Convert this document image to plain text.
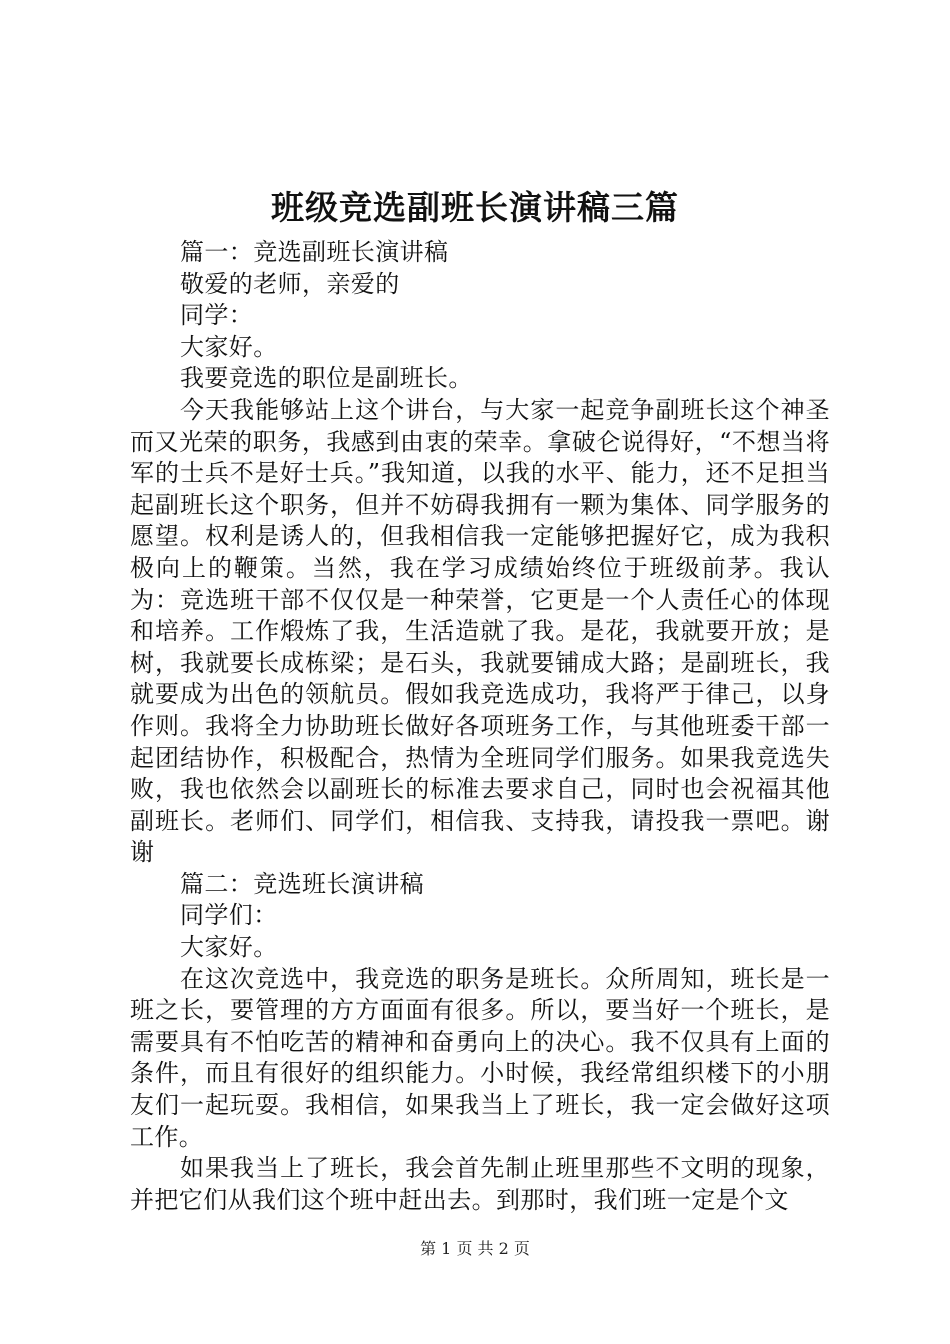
班级竞选副班长演讲稿三篇

篇一：竞选副班长演讲稿

敬爱的老师，亲爱的

同学：

大家好。

我要竞选的职位是副班长。

今天我能够站上这个讲台，与大家一起竞争副班长这个神圣而又光荣的职务，我感到由衷的荣幸。拿破仑说得好，“不想当将军的士兵不是好士兵。”我知道，以我的水平、能力，还不足担当起副班长这个职务，但并不妨碍我拥有一颗为集体、同学服务的愿望。权利是诱人的，但我相信我一定能够把握好它，成为我积极向上的鞭策。当然，我在学习成绩始终位于班级前茅。我认为：竞选班干部不仅仅是一种荣誉，它更是一个人责任心的体现和培养。工作煅炼了我，生活造就了我。是花，我就要开放；是树，我就要长成栋梁；是石头，我就要铺成大路；是副班长，我就要成为出色的领航员。假如我竞选成功，我将严于律己，以身作则。我将全力协助班长做好各项班务工作，与其他班委干部一起团结协作，积极配合，热情为全班同学们服务。如果我竞选失败，我也依然会以副班长的标准去要求自己，同时也会祝福其他副班长。老师们、同学们，相信我、支持我，请投我一票吧。谢谢

篇二：竞选班长演讲稿

同学们：

大家好。

在这次竞选中，我竞选的职务是班长。众所周知，班长是一班之长，要管理的方方面面有很多。所以，要当好一个班长，是需要具有不怕吃苦的精神和奋勇向上的决心。我不仅具有上面的条件，而且有很好的组织能力。小时候，我经常组织楼下的小朋友们一起玩耍。我相信，如果我当上了班长，我一定会做好这项工作。

如果我当上了班长，我会首先制止班里那些不文明的现象，并把它们从我们这个班中赶出去。到那时，我们班一定是个文

第 1 页 共 2 页
